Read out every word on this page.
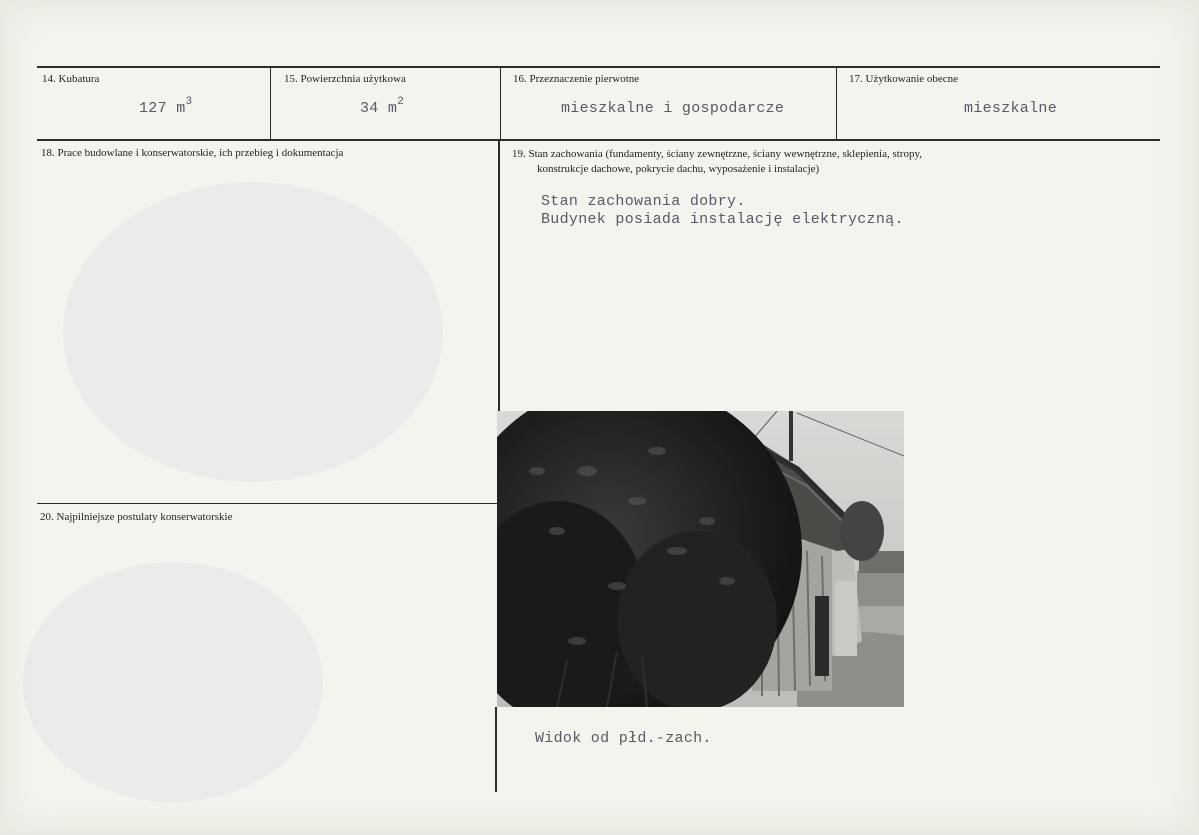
14. Kubatura
127 $m^3$
15. Powierzchnia użytkowa
34 $m^2$
16. Przeznaczenie pierwotne
mieszkalne i gospodarcze
17. Użytkowanie obecne
mieszkalne
18. Prace budowlane i konserwatorskie, ich przebieg i dokumentacja	19. Stan zachowania (fundamenty, ściany zewnętrzne, ściany wewnętrzne, sklepienia, stropy,
konstrukcje dachowe, pokrycie dachu, wyposażenie i instalacje)
Stan zachowania dobry.
Budynek posiada instalację elektryczną.
20. Najpilniejsze postulaty konserwatorskie
Widok od płd.-zach.
